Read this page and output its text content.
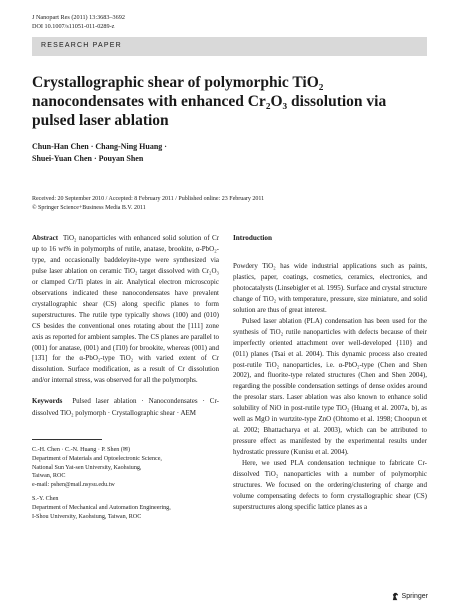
J Nanopart Res (2011) 13:3683–3692
DOI 10.1007/s11051-011-0289-z
RESEARCH PAPER
Crystallographic shear of polymorphic TiO₂ nanocondensates with enhanced Cr₂O₃ dissolution via pulsed laser ablation
Chun-Han Chen · Chang-Ning Huang ·
Shuei-Yuan Chen · Pouyan Shen
Received: 20 September 2010 / Accepted: 8 February 2011 / Published online: 23 February 2011
© Springer Science+Business Media B.V. 2011

Abstract TiO₂ nanoparticles with enhanced solid solution of Cr up to 16 wt% in polymorphs of rutile, anatase, brookite, α-PbO₂-type, and occasionally baddeleyite-type were synthesized via pulse laser ablation on ceramic TiO₂ target dissolved with Cr₂O₃ or clamped Cr/Ti plates in air. Analytical electron microscopic observations indicated these nanocondensates have prevalent crystallographic shear (CS) along specific planes to form superstructures. The rutile type typically shows (100) and (010) CS besides the conventional ones rotating about the [111] zone axis as reported for ambient samples. The CS planes are parallel to (001) for anatase, (001) and (1̄10) for brookite, whereas (001) and [13̄1] for the α-PbO₂-type TiO₂ with varied extent of Cr dissolution. Surface modification, as a result of Cr dissolution and/or internal stress, was observed for all the polymorphs.

Keywords Pulsed laser ablation · Nanocondensates · Cr-dissolved TiO₂ polymorph · Crystallographic shear · AEM

C.-H. Chen · C.-N. Huang · P. Shen (✉)

Department of Materials and Optoelectronic Science,

National Sun Yat-sen University, Kaohsiung,

Taiwan, ROC

e-mail: pshen@mail.nsysu.edu.tw

S.-Y. Chen

Department of Mechanical and Automation Engineering,

I-Shou University, Kaohsiung, Taiwan, ROC

Introduction

Powdery TiO₂ has wide industrial applications such as paints, plastics, paper, coatings, cosmetics, ceramics, electronics, and photocatalysts (Linsebigler et al. 1995). Surface and crystal structure change of TiO₂ with temperature, pressure, size miniature, and solid solution are thus of great interest.

Pulsed laser ablation (PLA) condensation has been used for the synthesis of TiO₂ rutile nanoparticles with defects because of their imperfectly oriented attachment over well-developed {110} and (011) planes (Tsai et al. 2004). This dynamic process also created post-rutile TiO₂ nanoparticles, i.e. α-PbO₂-type (Chen and Shen 2002), and fluorite-type related structures (Chen and Shen 2004), regarding the possible condensation settings of dense oxides around the presolar stars. Laser ablation was also known to enhance solid solubility of NiO in post-rutile type TiO₂ (Huang et al. 2007a, b), as well as MgO in wurtzite-type ZnO (Ohtomo et al. 1998; Choopun et al. 2002; Bhattacharya et al. 2003), which can be attributed to pressure effect as manifested by the experimental results under hydrostatic pressure (Kunisu et al. 2004).

Here, we used PLA condensation technique to fabricate Cr-dissolved TiO₂ nanoparticles with a number of polymorphic structures. We focused on the ordering/clustering of charge and volume compensating defects to form crystallographic shear (CS) superstructures along specific lattice planes as a

Springer
